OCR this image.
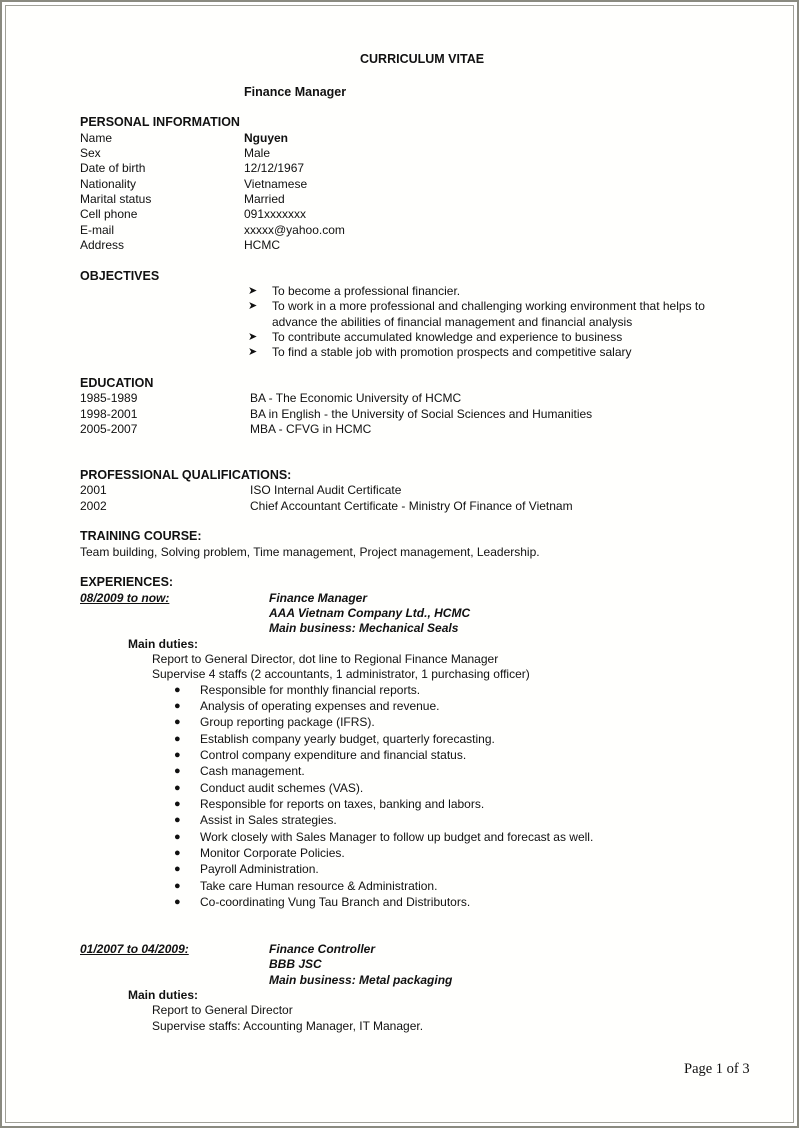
CURRICULUM VITAE
Finance Manager
PERSONAL INFORMATION
Name	Nguyen
Sex	Male
Date of birth	12/12/1967
Nationality	Vietnamese
Marital status	Married
Cell phone	091xxxxxxx
E-mail	xxxxx@yahoo.com
Address	HCMC
OBJECTIVES
➤ To become a professional financier.
➤ To work in a more professional and challenging working environment that helps to
advance the abilities of financial management and financial analysis
➤ To contribute accumulated knowledge and experience to business
➤ To find a stable job with promotion prospects and competitive salary
EDUCATION
1985-1989	BA - The Economic University of HCMC
1998-2001	BA in English - the University of Social Sciences and Humanities
2005-2007	MBA - CFVG in HCMC
PROFESSIONAL QUALIFICATIONS:
2001	ISO Internal Audit Certificate
2002	Chief Accountant Certificate - Ministry Of Finance of Vietnam
TRAINING COURSE:
Team building, Solving problem, Time management, Project management, Leadership.
EXPERIENCES:
08/2009 to now:	Finance Manager
AAA Vietnam Company Ltd., HCMC
Main business: Mechanical Seals
Main duties:
Report to General Director, dot line to Regional Finance Manager
Supervise 4 staffs (2 accountants, 1 administrator, 1 purchasing officer)
● Responsible for monthly financial reports.
● Analysis of operating expenses and revenue.
● Group reporting package (IFRS).
● Establish company yearly budget, quarterly forecasting.
● Control company expenditure and financial status.
● Cash management.
● Conduct audit schemes (VAS).
● Responsible for reports on taxes, banking and labors.
● Assist in Sales strategies.
● Work closely with Sales Manager to follow up budget and forecast as well.
● Monitor Corporate Policies.
● Payroll Administration.
● Take care Human resource & Administration.
● Co-coordinating Vung Tau Branch and Distributors.
01/2007 to 04/2009:	Finance Controller
BBB JSC
Main business: Metal packaging
Main duties:
Report to General Director
Supervise staffs: Accounting Manager, IT Manager.
Page 1 of 3
